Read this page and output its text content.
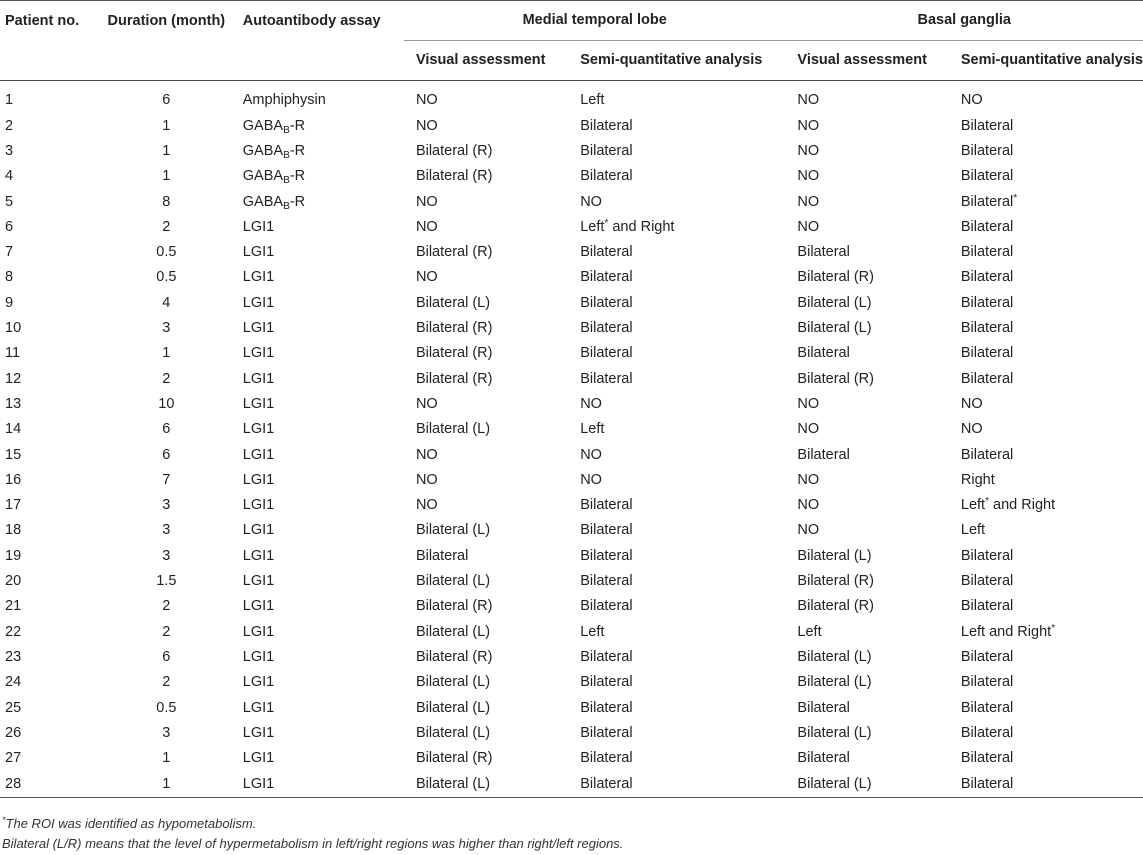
Patient no.	Duration (month)	Autoantibody assay	Medial temporal lobe		Basal ganglia	
			Visual assessment	Semi-quantitative analysis	Visual assessment	Semi-quantitative analysis

1	6	Amphiphysin	NO	Left	NO	NO
2	1	$GABA_B-R$	NO	Bilateral	NO	Bilateral
3	1	$GABA_B-R$	Bilateral (R)	Bilateral	NO	Bilateral
4	1	$GABA_B-R$	Bilateral (R)	Bilateral	NO	Bilateral
5	8	$GABA_B-R$	NO	NO	NO	Bilateral*
6	2	LGI1	NO	Left* and Right	NO	Bilateral
7	0.5	LGI1	Bilateral (R)	Bilateral	Bilateral	Bilateral
8	0.5	LGI1	NO	Bilateral	Bilateral (R)	Bilateral
9	4	LGI1	Bilateral (L)	Bilateral	Bilateral (L)	Bilateral
10	3	LGI1	Bilateral (R)	Bilateral	Bilateral (L)	Bilateral
11	1	LGI1	Bilateral (R)	Bilateral	Bilateral	Bilateral
12	2	LGI1	Bilateral (R)	Bilateral	Bilateral (R)	Bilateral
13	10	LGI1	NO	NO	NO	NO
14	6	LGI1	Bilateral (L)	Left	NO	NO
15	6	LGI1	NO	NO	Bilateral	Bilateral
16	7	LGI1	NO	NO	NO	Right
17	3	LGI1	NO	Bilateral	NO	Left* and Right
18	3	LGI1	Bilateral (L)	Bilateral	NO	Left
19	3	LGI1	Bilateral	Bilateral	Bilateral (L)	Bilateral
20	1.5	LGI1	Bilateral (L)	Bilateral	Bilateral (R)	Bilateral
21	2	LGI1	Bilateral (R)	Bilateral	Bilateral (R)	Bilateral
22	2	LGI1	Bilateral (L)	Left	Left	Left and Right*
23	6	LGI1	Bilateral (R)	Bilateral	Bilateral (L)	Bilateral
24	2	LGI1	Bilateral (L)	Bilateral	Bilateral (L)	Bilateral
25	0.5	LGI1	Bilateral (L)	Bilateral	Bilateral	Bilateral
26	3	LGI1	Bilateral (L)	Bilateral	Bilateral (L)	Bilateral
27	1	LGI1	Bilateral (R)	Bilateral	Bilateral	Bilateral
28	1	LGI1	Bilateral (L)	Bilateral	Bilateral (L)	Bilateral
*The ROI was identified as hypometabolism.
Bilateral (L/R) means that the level of hypermetabolism in left/right regions was higher than right/left regions.
